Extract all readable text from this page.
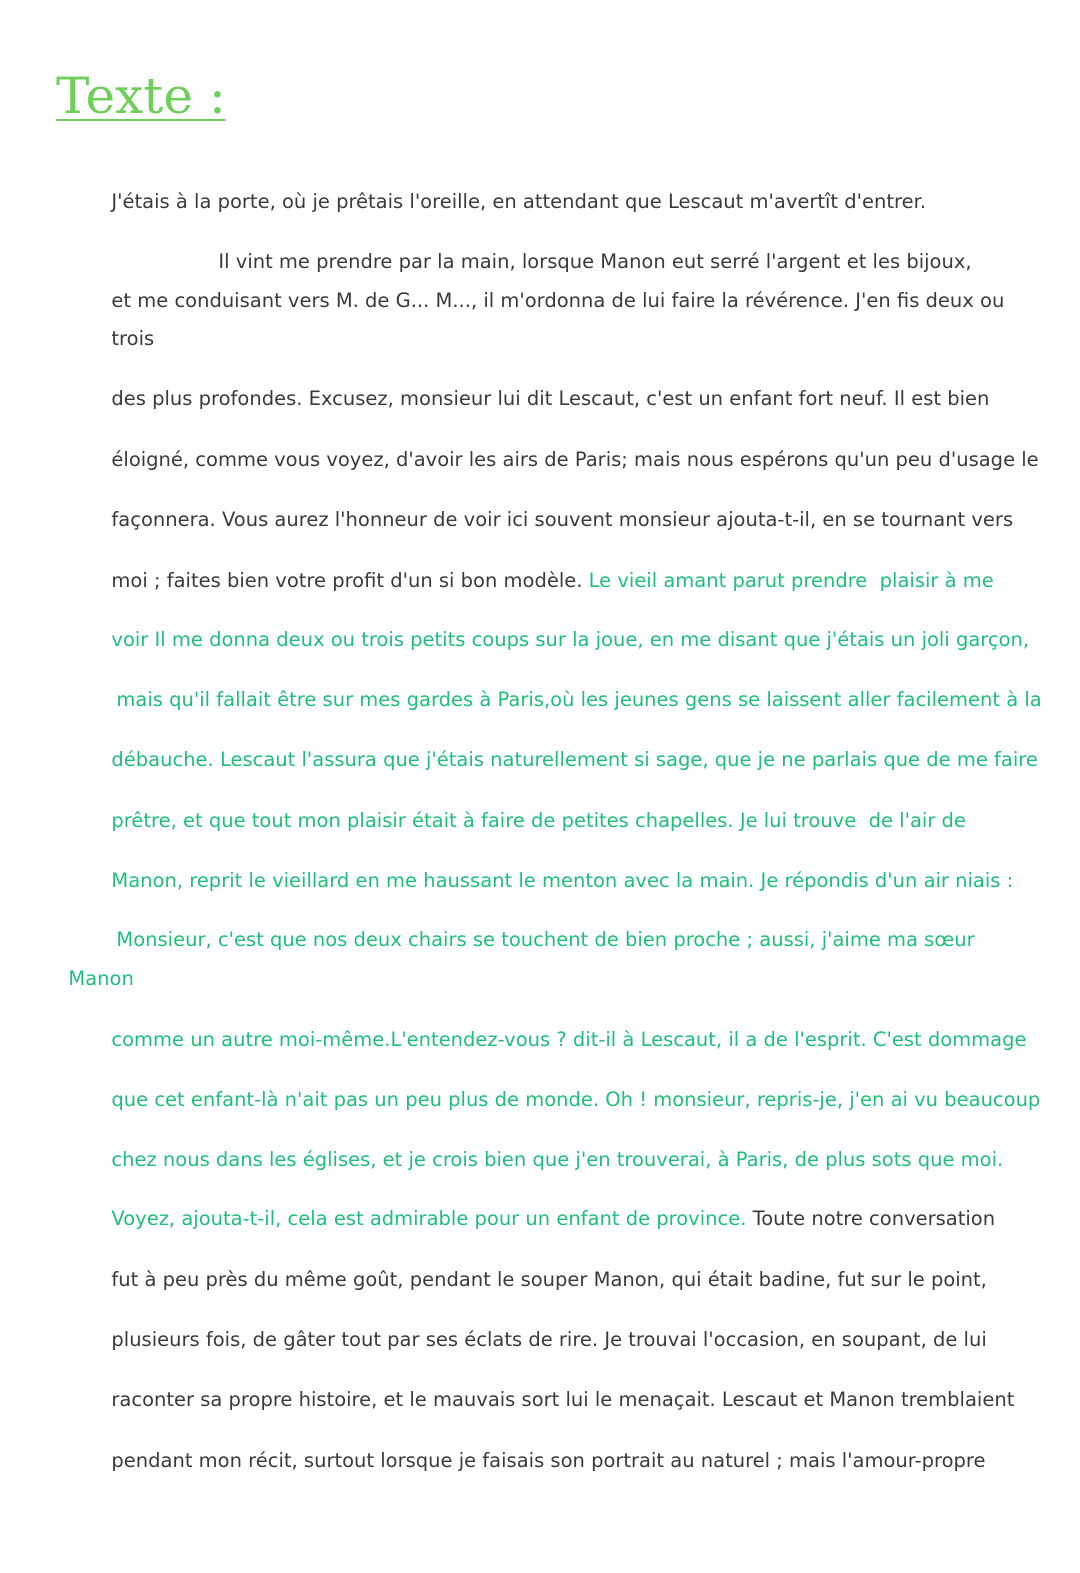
Texte :

J'étais à la porte, où je prêtais l'oreille, en attendant que Lescaut m'avertît d'entrer.

Il vint me prendre par la main, lorsque Manon eut serré l'argent et les bijoux,

et me conduisant vers M. de G... M..., il m'ordonna de lui faire la révérence. J'en fis deux ou

trois

des plus profondes. Excusez, monsieur lui dit Lescaut, c'est un enfant fort neuf. Il est bien

éloigné, comme vous voyez, d'avoir les airs de Paris; mais nous espérons qu'un peu d'usage le

façonnera. Vous aurez l'honneur de voir ici souvent monsieur ajouta-t-il, en se tournant vers

moi ; faites bien votre profit d'un si bon modèle. Le vieil amant parut prendre  plaisir à me

voir Il me donna deux ou trois petits coups sur la joue, en me disant que j'étais un joli garçon,

mais qu'il fallait être sur mes gardes à Paris,où les jeunes gens se laissent aller facilement à la

débauche. Lescaut l'assura que j'étais naturellement si sage, que je ne parlais que de me faire

prêtre, et que tout mon plaisir était à faire de petites chapelles. Je lui trouve  de l'air de

Manon, reprit le vieillard en me haussant le menton avec la main. Je répondis d'un air niais :

Monsieur, c'est que nos deux chairs se touchent de bien proche ; aussi, j'aime ma sœur

Manon

comme un autre moi-même.L'entendez-vous ? dit-il à Lescaut, il a de l'esprit. C'est dommage

que cet enfant-là n'ait pas un peu plus de monde. Oh ! monsieur, repris-je, j'en ai vu beaucoup

chez nous dans les églises, et je crois bien que j'en trouverai, à Paris, de plus sots que moi.

Voyez, ajouta-t-il, cela est admirable pour un enfant de province. Toute notre conversation

fut à peu près du même goût, pendant le souper Manon, qui était badine, fut sur le point,

plusieurs fois, de gâter tout par ses éclats de rire. Je trouvai l'occasion, en soupant, de lui

raconter sa propre histoire, et le mauvais sort lui le menaçait. Lescaut et Manon tremblaient

pendant mon récit, surtout lorsque je faisais son portrait au naturel ; mais l'amour-propre
